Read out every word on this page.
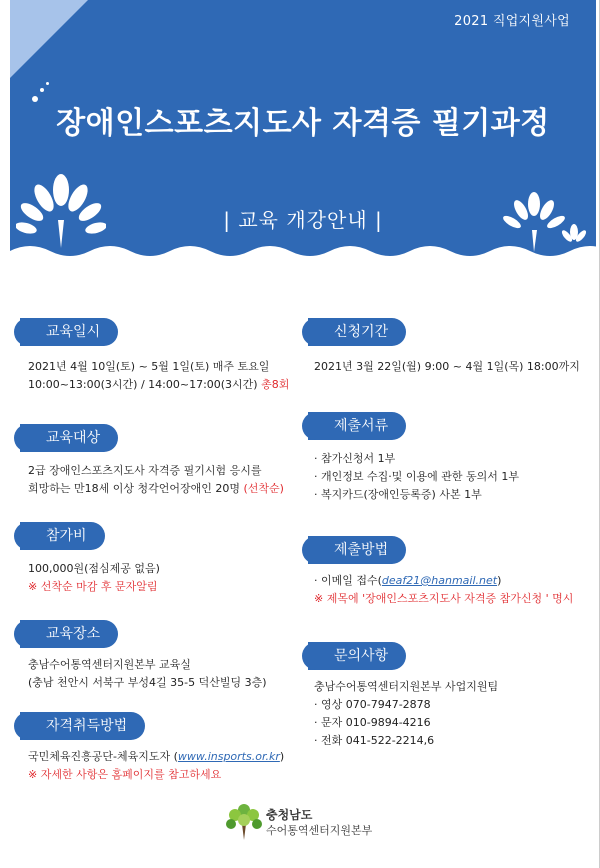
2021 직업지원사업
장애인스포츠지도사 자격증 필기과정
| 교육 개강안내 |
교육일시
2021년 4월 10일(토) ~ 5월 1일(토) 매주 토요일
10:00~13:00(3시간) / 14:00~17:00(3시간) 총8회
교육대상
2급 장애인스포츠지도사 자격증 필기시험 응시를
희망하는 만18세 이상 청각언어장애인 20명 (선착순)
참가비
100,000원(점심제공 없음)
※ 선착순 마감 후 문자알림
교육장소
충남수어통역센터지원본부 교육실
(충남 천안시 서북구 부성4길 35-5 덕산빌딩 3층)
자격취득방법
국민체육진흥공단-체육지도자 (www.insports.or.kr)
※ 자세한 사항은 홈페이지를 참고하세요
신청기간
2021년 3월 22일(월) 9:00 ~ 4월 1일(목) 18:00까지
제출서류
· 참가신청서 1부
· 개인정보 수집·및 이용에 관한 동의서 1부
· 복지카드(장애인등록증) 사본 1부
제출방법
· 이메일 접수(deaf21@hanmail.net)
※ 제목에 '장애인스포츠지도사 자격증 참가신청 ' 명시
문의사항
충남수어통역센터지원본부 사업지원팀
· 영상 070-7947-2878
· 문자 010-9894-4216
· 전화 041-522-2214,6
충청남도
수어통역센터지원본부
